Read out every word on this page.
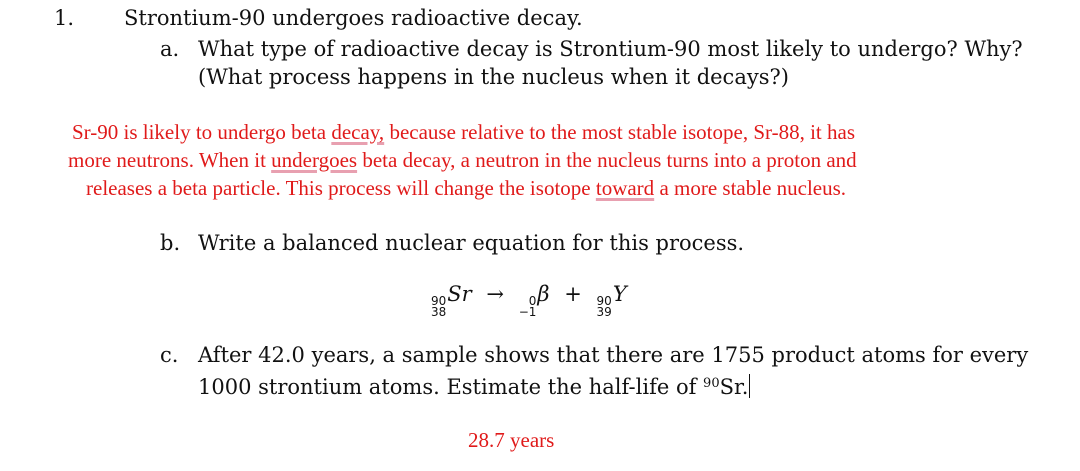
1. Strontium-90 undergoes radioactive decay.
a. What type of radioactive decay is Strontium-90 most likely to undergo? Why?
(What process happens in the nucleus when it decays?)
Sr-90 is likely to undergo beta decay, because relative to the most stable isotope, Sr-88, it has
more neutrons. When it undergoes beta decay, a neutron in the nucleus turns into a proton and
releases a beta particle. This process will change the isotope toward a more stable nucleus.
b. Write a balanced nuclear equation for this process.
90
38
Sr → 0
−1
β + 90
39
Y
c. After 42.0 years, a sample shows that there are 1755 product atoms for every
1000 strontium atoms. Estimate the half-life of $^{90}$Sr.
28.7 years
